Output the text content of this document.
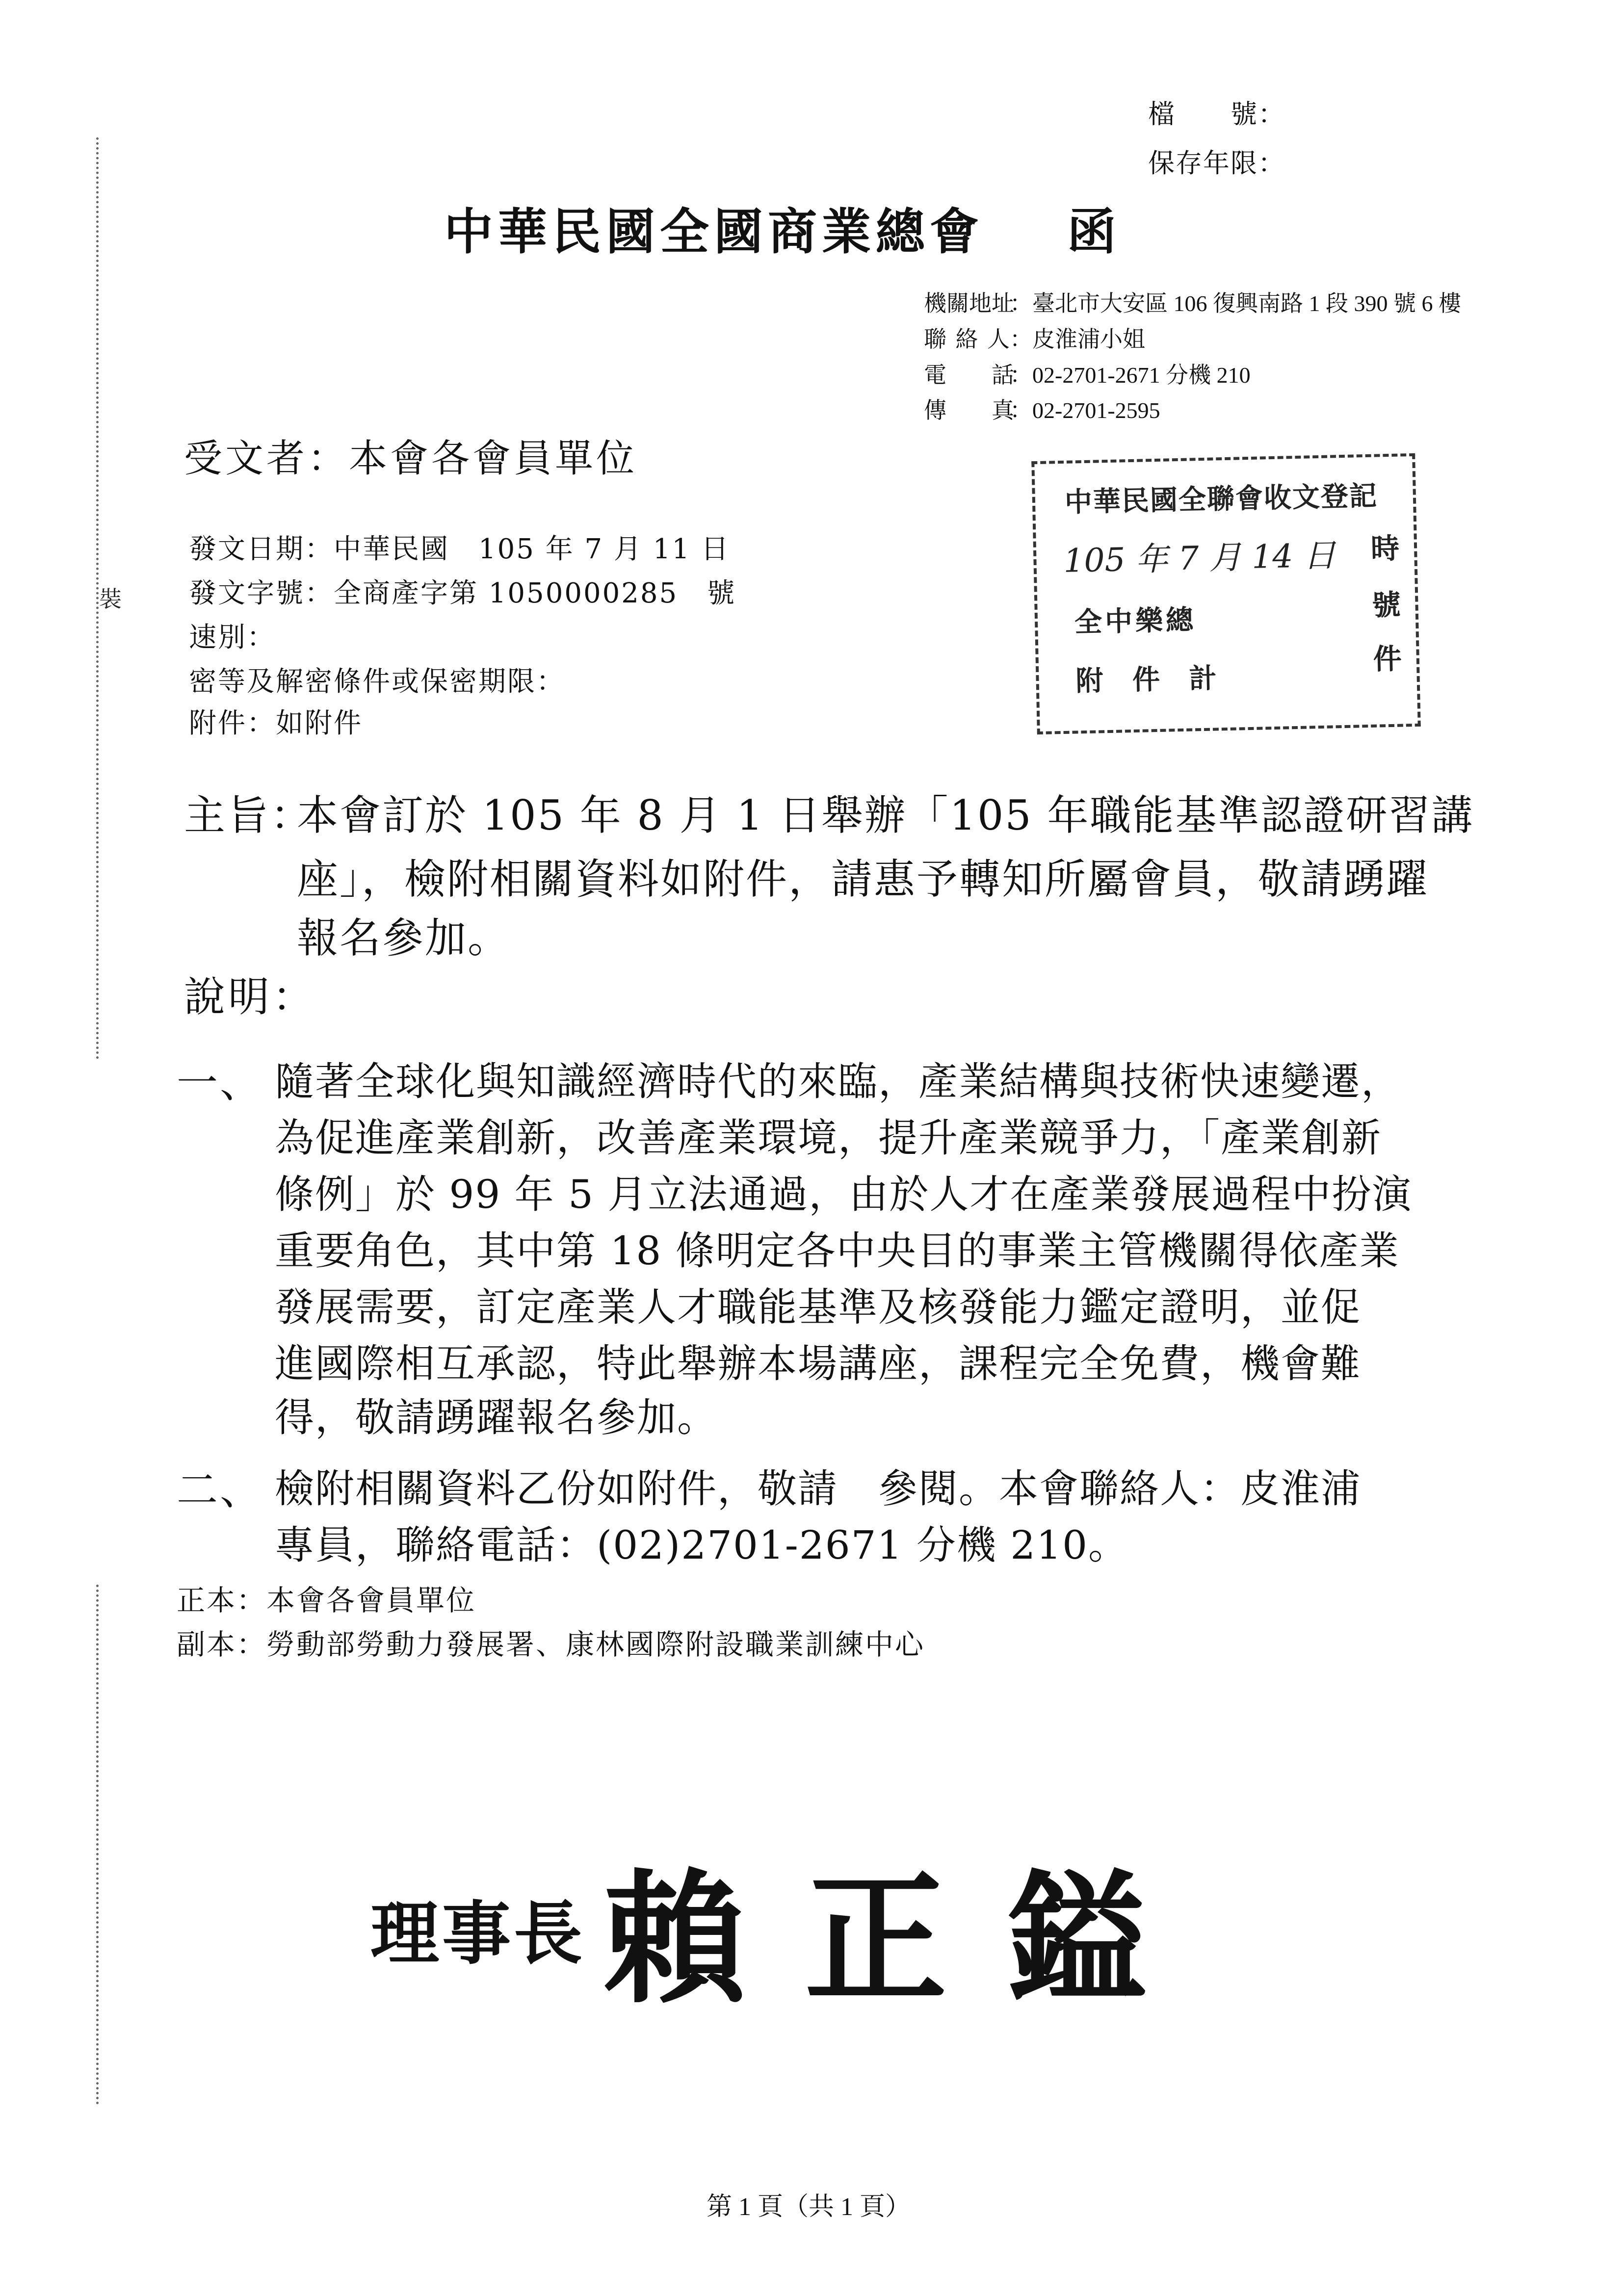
裝
檔　　號：
保存年限：
中華民國全國商業總會 函
機關地址：臺北市大安區 106 復興南路 1 段 390 號 6 樓
聯 絡 人：皮淮浦小姐
電　　話：02-2701-2671 分機 210
傳　　真：02-2701-2595
受文者：本會各會員單位
發文日期：中華民國　105 年 7 月 11 日
發文字號：全商產字第 1050000285　號
速別：
密等及解密條件或保密期限：
附件：如附件
中華民國全聯會收文登記
105 年 7 月 14 日
全中樂總
附 件 計
時
號
件
主旨：
本會訂於 105 年 8 月 1 日舉辦「105 年職能基準認證研習講
座」，檢附相關資料如附件，請惠予轉知所屬會員，敬請踴躍
報名參加。
說明：
一、 隨著全球化與知識經濟時代的來臨，產業結構與技術快速變遷，
為促進產業創新，改善產業環境，提升產業競爭力，「產業創新
條例」於 99 年 5 月立法通過，由於人才在產業發展過程中扮演
重要角色，其中第 18 條明定各中央目的事業主管機關得依產業
發展需要，訂定產業人才職能基準及核發能力鑑定證明，並促
進國際相互承認，特此舉辦本場講座，課程完全免費，機會難
得，敬請踴躍報名參加。
二、 檢附相關資料乙份如附件，敬請　參閱。本會聯絡人：皮淮浦
專員，聯絡電話：(02)2701-2671 分機 210。
正本：本會各會員單位
副本：勞動部勞動力發展署、康林國際附設職業訓練中心
理事長 賴正鎰
第 1 頁（共 1 頁）
